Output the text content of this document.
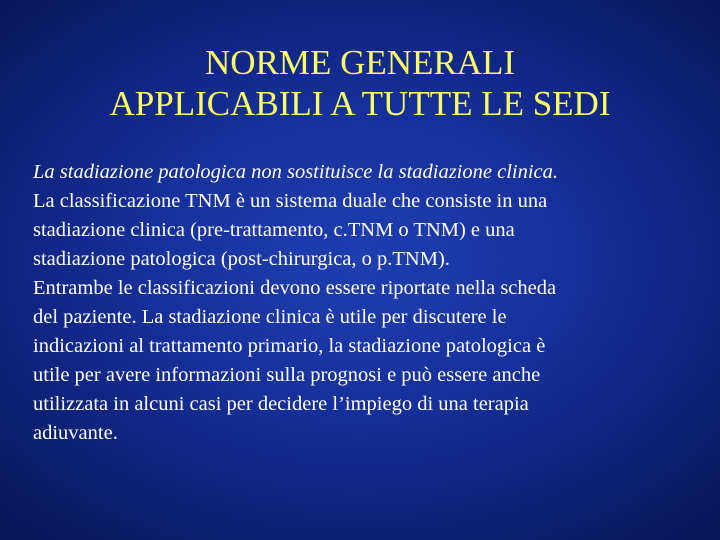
NORME GENERALI
APPLICABILI A TUTTE LE SEDI
La stadiazione patologica non sostituisce la stadiazione clinica.
La classificazione TNM è un sistema duale che consiste in una
stadiazione clinica (pre-trattamento, c.TNM o TNM) e una
stadiazione patologica (post-chirurgica, o p.TNM).
Entrambe le classificazioni devono essere riportate nella scheda
del paziente. La stadiazione clinica è utile per discutere le
indicazioni al trattamento primario, la stadiazione patologica è
utile per avere informazioni sulla prognosi e può essere anche
utilizzata in alcuni casi per decidere l’impiego di una terapia
adiuvante.
